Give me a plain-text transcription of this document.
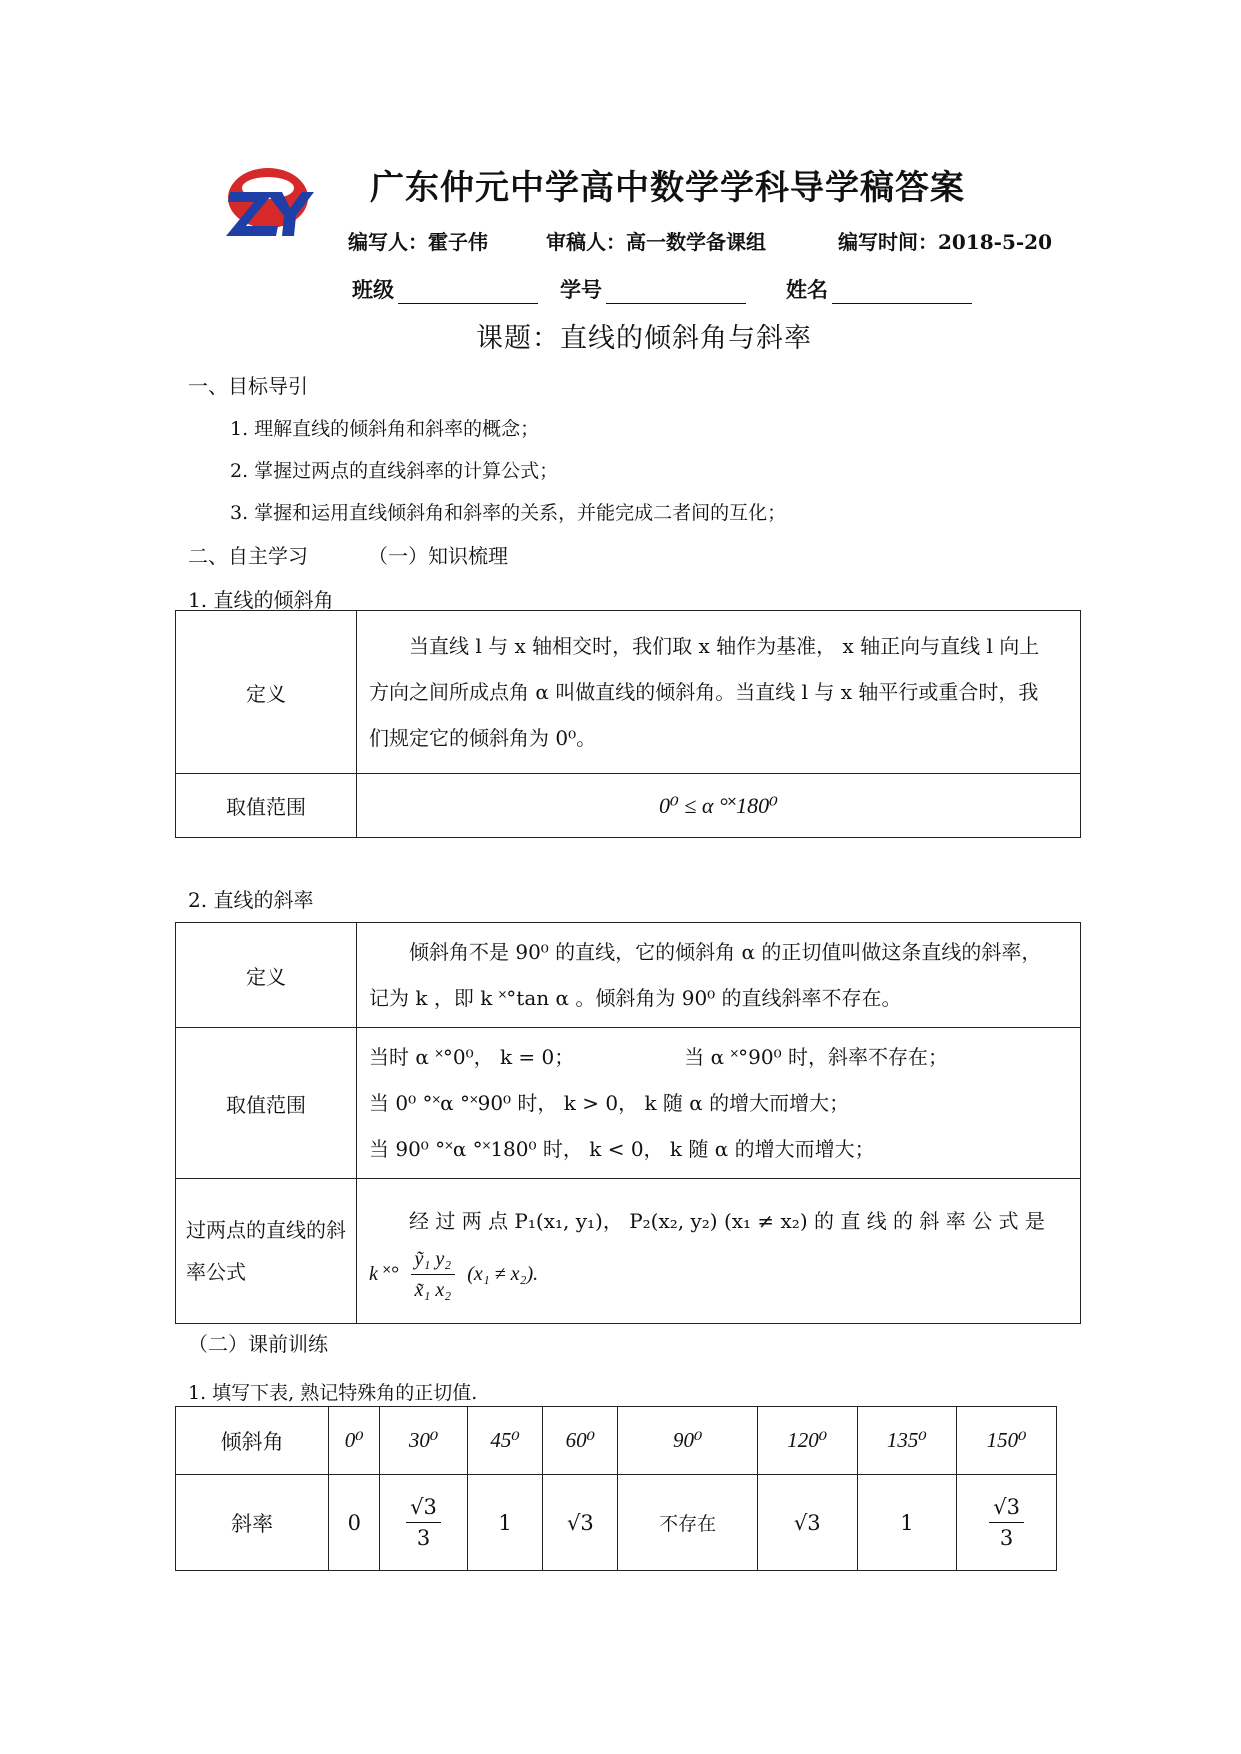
广东仲元中学高中数学学科导学稿答案
编写人：霍子伟	审稿人：高一数学备课组	编写时间：2018-5-20
班级	学号	姓名
课题：直线的倾斜角与斜率
一、目标导引
1. 理解直线的倾斜角和斜率的概念；
2. 掌握过两点的直线斜率的计算公式；
3. 掌握和运用直线倾斜角和斜率的关系，并能完成二者间的互化；
二、自主学习	（一）知识梳理
1. 直线的倾斜角
定义	当直线 l 与 x 轴相交时，我们取 x 轴作为基准， x 轴正向与直线 l 向上
方向之间所成点角 α 叫做直线的倾斜角。当直线 l 与 x 轴平行或重合时，我
们规定它的倾斜角为 0⁰。

取值范围	0⁰ ≤ α °˟180⁰
2. 直线的斜率
定义	倾斜角不是 90⁰ 的直线，它的倾斜角 α 的正切值叫做这条直线的斜率，
记为 k ，即 k ˟°tan α 。倾斜角为 90⁰ 的直线斜率不存在。

取值范围	当时 α ˟°0⁰， k = 0； 当 α ˟°90⁰ 时，斜率不存在；
当 0⁰ °˟α °˟90⁰ 时， k > 0， k 随 α 的增大而增大；
当 90⁰ °˟α °˟180⁰ 时， k < 0， k 随 α 的增大而增大；

过两点的直线的斜率公式	经 过 两 点 P₁(x₁, y₁)， P₂(x₂, y₂) (x₁ ≠ x₂) 的 直 线 的 斜 率 公 式 是
k ˟° $\frac{\text{ỹ₁ y₂}}{\text{x̃₁ x₂}} (x_1 \ne x_2)$.
（二）课前训练
1. 填写下表, 熟记特殊角的正切值.
倾斜角	0⁰	30⁰	45⁰	60⁰	90⁰	120⁰	135⁰	150⁰
斜率	0	$\frac{√3}{3}$	1	√3	不存在	√3	1	$\frac{√3}{3}$
